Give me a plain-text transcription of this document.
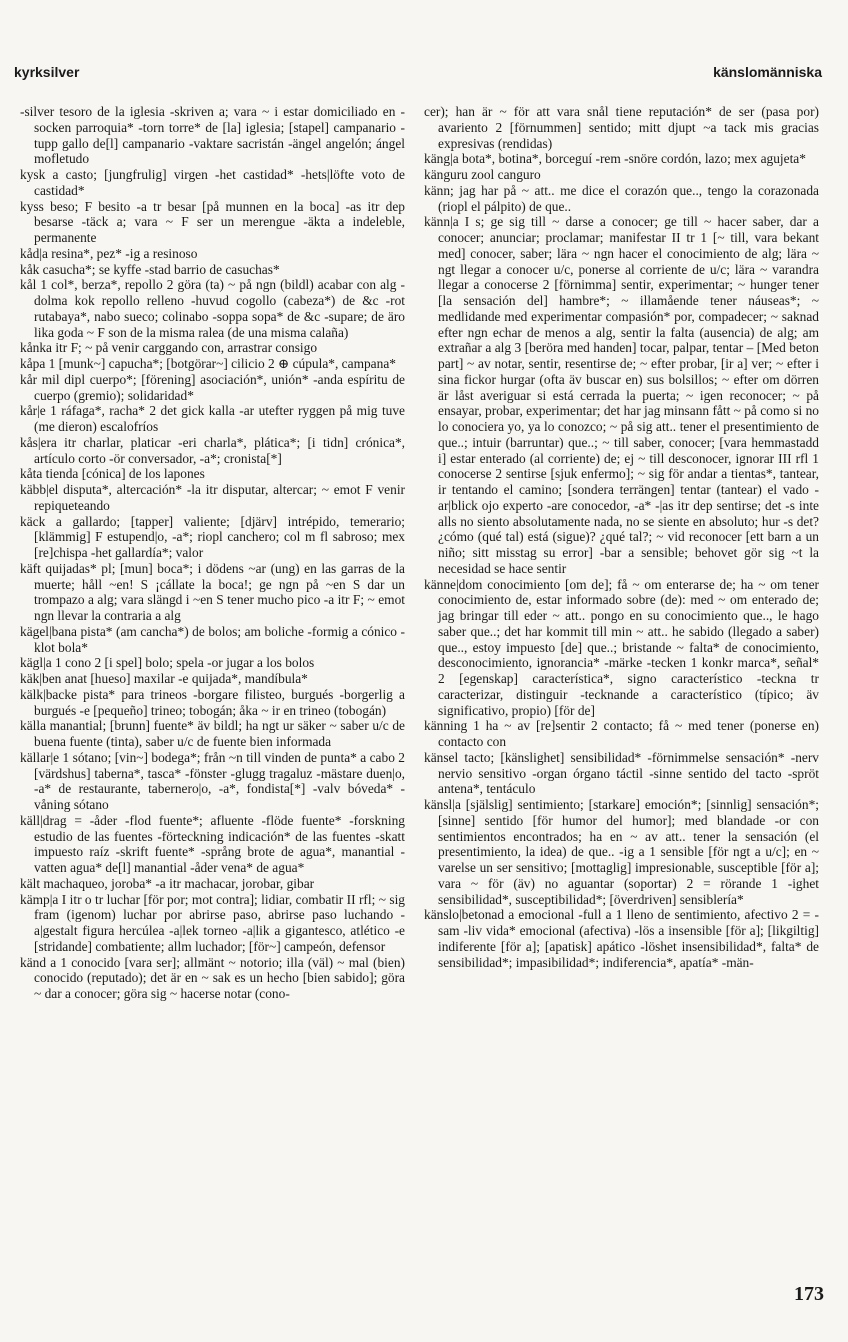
kyrksilver	känslomänniska

-silver tesoro de la iglesia -skriven a; vara ~ i estar domiciliado en -socken parroquia* -torn torre* de [la] iglesia; [stapel] campanario -tupp gallo de[l] campanario -vaktare sacristán -ängel angelón; ángel mofletudo

kysk a casto; [jungfrulig] virgen -het castidad* -hets|löfte voto de castidad*

kyss beso; F besito -a tr besar [på munnen en la boca] -as itr dep besarse -täck a; vara ~ F ser un merengue -äkta a indeleble, permanente

kåd|a resina*, pez* -ig a resinoso

kåk casucha*; se kyffe -stad barrio de casuchas*

kål 1 col*, berza*, repollo 2 göra (ta) ~ på ngn (bildl) acabar con alg -dolma kok repollo relleno -huvud cogollo (cabeza*) de &c -rot rutabaya*, nabo sueco; colinabo -soppa sopa* de &c -supare; de äro lika goda ~ F son de la misma ralea (de una misma calaña)

kånka itr F; ~ på venir carggando con, arrastrar consigo

kåpa 1 [munk~] capucha*; [botgörar~] cilicio 2 ⊕ cúpula*, campana*

kår mil dipl cuerpo*; [förening] asociación*, unión* -anda espíritu de cuerpo (gremio); solidaridad*

kår|e 1 ráfaga*, racha* 2 det gick kalla -ar utefter ryggen på mig tuve (me dieron) escalofríos

kås|era itr charlar, platicar -eri charla*, plática*; [i tidn] crónica*, artículo corto -ör conversador, -a*; cronista[*]

kåta tienda [cónica] de los lapones

käbb|el disputa*, altercación* -la itr disputar, altercar; ~ emot F venir repiqueteando

käck a gallardo; [tapper] valiente; [djärv] intrépido, temerario; [klämmig] F estupend|o, -a*; riopl canchero; col m fl sabroso; mex [re]chispa -het gallardía*; valor

käft quijadas* pl; [mun] boca*; i dödens ~ar (ung) en las garras de la muerte; håll ~en! S ¡cállate la boca!; ge ngn på ~en S dar un trompazo a alg; vara slängd i ~en S tener mucho pico -a itr F; ~ emot ngn llevar la contraria a alg

kägel|bana pista* (am cancha*) de bolos; am boliche -formig a cónico -klot bola*

kägl|a 1 cono 2 [i spel] bolo; spela -or jugar a los bolos

käk|ben anat [hueso] maxilar -e quijada*, mandíbula*

kälk|backe pista* para trineos -borgare filisteo, burgués -borgerlig a burgués -e [pequeño] trineo; tobogán; åka ~ ir en trineo (tobogán)

källa manantial; [brunn] fuente* äv bildl; ha ngt ur säker ~ saber u/c de buena fuente (tinta), saber u/c de fuente bien informada

källar|e 1 sótano; [vin~] bodega*; från ~n till vinden de punta* a cabo 2 [värdshus] taberna*, tasca* -fönster -glugg tragaluz -mästare duen|o, -a* de restaurante, tabernero|o, -a*, fondista[*] -valv bóveda* -våning sótano

käll|drag = -åder -flod fuente*; afluente -flöde fuente* -forskning estudio de las fuentes -förteckning indicación* de las fuentes -skatt impuesto raíz -skrift fuente* -språng brote de agua*, manantial -vatten agua* de[l] manantial -åder vena* de agua*

kält machaqueo, joroba* -a itr machacar, jorobar, gibar

kämp|a I itr o tr luchar [för por; mot contra]; lidiar, combatir II rfl; ~ sig fram (igenom) luchar por abrirse paso, abrirse paso luchando -a|gestalt figura hercúlea -a|lek torneo -a|lik a gigantesco, atlético -e [stridande] combatiente; allm luchador; [för~] campeón, defensor

känd a 1 conocido [vara ser]; allmänt ~ notorio; illa (väl) ~ mal (bien) conocido (reputado); det är en ~ sak es un hecho [bien sabido]; göra ~ dar a conocer; göra sig ~ hacerse notar (cono-

cer); han är ~ för att vara snål tiene reputación* de ser (pasa por) avariento 2 [förnummen] sentido; mitt djupt ~a tack mis gracias expresivas (rendidas)

käng|a bota*, botina*, borceguí -rem -snöre cordón, lazo; mex agujeta*

känguru zool canguro

känn; jag har på ~ att.. me dice el corazón que.., tengo la corazonada (riopl el pálpito) de que..

känn|a I s; ge sig till ~ darse a conocer; ge till ~ hacer saber, dar a conocer; anunciar; proclamar; manifestar II tr 1 [~ till, vara bekant med] conocer, saber; lära ~ ngn hacer el conocimiento de alg; lära ~ ngt llegar a conocer u/c, ponerse al corriente de u/c; lära ~ varandra llegar a conocerse 2 [förnimma] sentir, experimentar; ~ hunger tener [la sensación del] hambre*; ~ illamående tener náuseas*; ~ medlidande med experimentar compasión* por, compadecer; ~ saknad efter ngn echar de menos a alg, sentir la falta (ausencia) de alg; am extrañar a alg 3 [beröra med handen] tocar, palpar, tentar – [Med beton part] ~ av notar, sentir, resentirse de; ~ efter probar, [ir a] ver; ~ efter i sina fickor hurgar (ofta äv buscar en) sus bolsillos; ~ efter om dörren är låst averiguar si está cerrada la puerta; ~ igen reconocer; ~ på ensayar, probar, experimentar; det har jag minsann fått ~ på como si no lo conociera yo, ya lo conozco; ~ på sig att.. tener el presentimiento de que..; intuir (barruntar) que..; ~ till saber, conocer; [vara hemmastadd i] estar enterado (al corriente) de; ej ~ till desconocer, ignorar III rfl 1 conocerse 2 sentirse [sjuk enfermo]; ~ sig för andar a tientas*, tantear, ir tentando el camino; [sondera terrängen] tentar (tantear) el vado -ar|blick ojo experto -are conocedor, -a* -|as itr dep sentirse; det -s inte alls no siento absolutamente nada, no se siente en absoluto; hur -s det? ¿cómo (qué tal) está (sigue)? ¿qué tal?; ~ vid reconocer [ett barn a un niño; sitt misstag su error] -bar a sensible; behovet gör sig ~t la necesidad se hace sentir

känne|dom conocimiento [om de]; få ~ om enterarse de; ha ~ om tener conocimiento de, estar informado sobre (de): med ~ om enterado de; jag bringar till eder ~ att.. pongo en su conocimiento que.., le hago saber que..; det har kommit till min ~ att.. he sabido (llegado a saber) que.., estoy impuesto [de] que..; bristande ~ falta* de conocimiento, desconocimiento, ignorancia* -märke -tecken 1 konkr marca*, señal* 2 [egenskap] característica*, signo característico -teckna tr caracterizar, distinguir -tecknande a característico (típico; äv significativo, propio) [för de]

känning 1 ha ~ av [re]sentir 2 contacto; få ~ med tener (ponerse en) contacto con

känsel tacto; [känslighet] sensibilidad* -förnimmelse sensación* -nerv nervio sensitivo -organ órgano táctil -sinne sentido del tacto -spröt antena*, tentáculo

känsl|a [själslig] sentimiento; [starkare] emoción*; [sinnlig] sensación*; [sinne] sentido [för humor del humor]; med blandade -or con sentimientos encontrados; ha en ~ av att.. tener la sensación (el presentimiento, la idea) de que.. -ig a 1 sensible [för ngt a u/c]; en ~ varelse un ser sensitivo; [mottaglig] impresionable, susceptible [för a]; vara ~ för (äv) no aguantar (soportar) 2 = rörande 1 -ighet sensibilidad*, susceptibilidad*; [överdriven] sensiblería*

känslo|betonad a emocional -full a 1 lleno de sentimiento, afectivo 2 = -sam -liv vida* emocional (afectiva) -lös a insensible [för a]; [likgiltig] indiferente [för a]; [apatisk] apático -löshet insensibilidad*, falta* de sensibilidad*; impasibilidad*; indiferencia*, apatía* -män-

173
